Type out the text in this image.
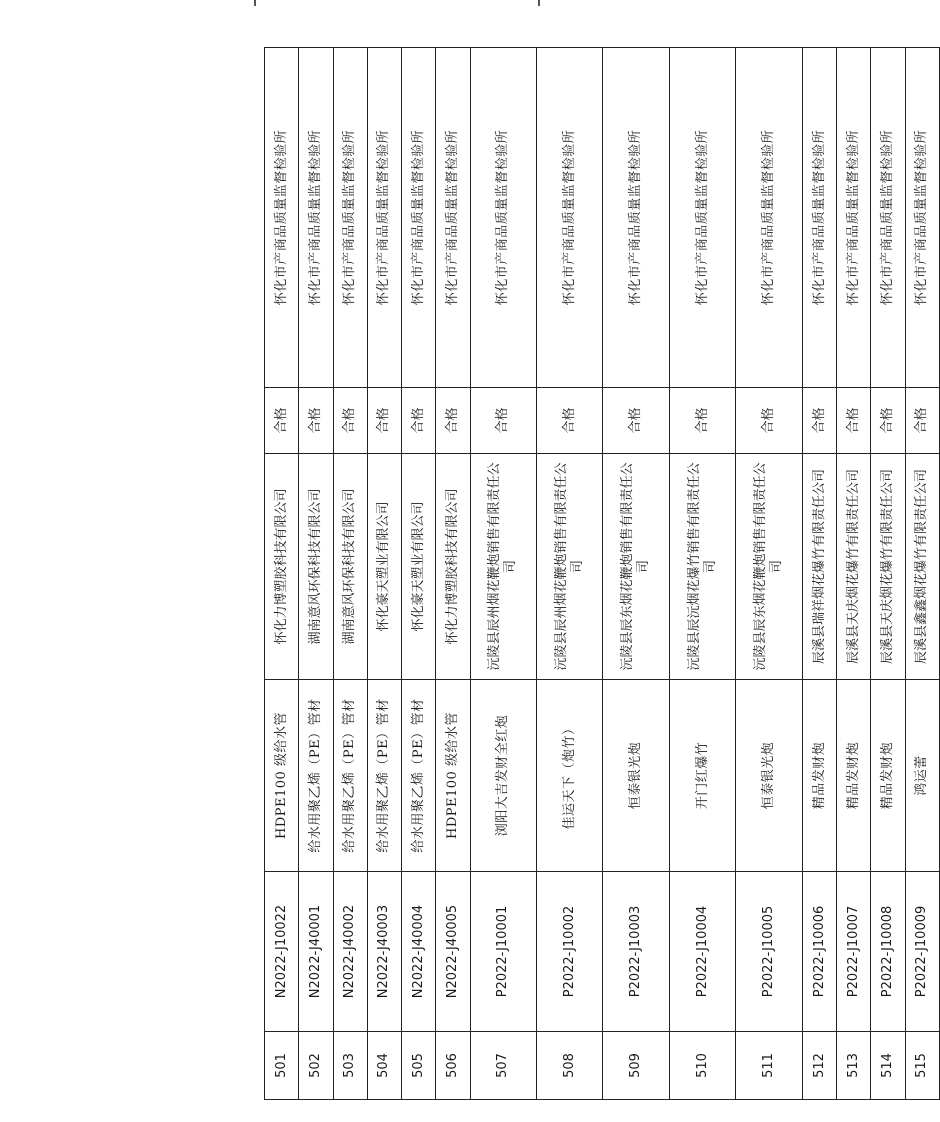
501	N2022-J10022	HDPE100 级给水管	怀化力博塑胶科技有限公司	合格	怀化市产商品质量监督检验所
502	N2022-J40001	给水用聚乙烯（PE）管材	湖南意风环保科技有限公司	合格	怀化市产商品质量监督检验所
503	N2022-J40002	给水用聚乙烯（PE）管材	湖南意风环保科技有限公司	合格	怀化市产商品质量监督检验所
504	N2022-J40003	给水用聚乙烯（PE）管材	怀化豪天塑业有限公司	合格	怀化市产商品质量监督检验所
505	N2022-J40004	给水用聚乙烯（PE）管材	怀化豪天塑业有限公司	合格	怀化市产商品质量监督检验所
506	N2022-J40005	HDPE100 级给水管	怀化力博塑胶科技有限公司	合格	怀化市产商品质量监督检验所
507	P2022-J10001	浏阳大吉发财全红炮	沅陵县辰州烟花鞭炮销售有限责任公司	合格	怀化市产商品质量监督检验所
508	P2022-J10002	佳运天下（炮竹）	沅陵县辰州烟花鞭炮销售有限责任公司	合格	怀化市产商品质量监督检验所
509	P2022-J10003	恒泰银光炮	沅陵县辰东烟花鞭炮销售有限责任公司	合格	怀化市产商品质量监督检验所
510	P2022-J10004	开门红爆竹	沅陵县辰沅烟花爆竹销售有限责任公司	合格	怀化市产商品质量监督检验所
511	P2022-J10005	恒泰银光炮	沅陵县辰东烟花鞭炮销售有限责任公司	合格	怀化市产商品质量监督检验所
512	P2022-J10006	精品发财炮	辰溪县瑞祥烟花爆竹有限责任公司	合格	怀化市产商品质量监督检验所
513	P2022-J10007	精品发财炮	辰溪县天庆烟花爆竹有限责任公司	合格	怀化市产商品质量监督检验所
514	P2022-J10008	精品发财炮	辰溪县天庆烟花爆竹有限责任公司	合格	怀化市产商品质量监督检验所
515	P2022-J10009	鸿运蕾	辰溪县鑫鑫烟花爆竹有限责任公司	合格	怀化市产商品质量监督检验所
